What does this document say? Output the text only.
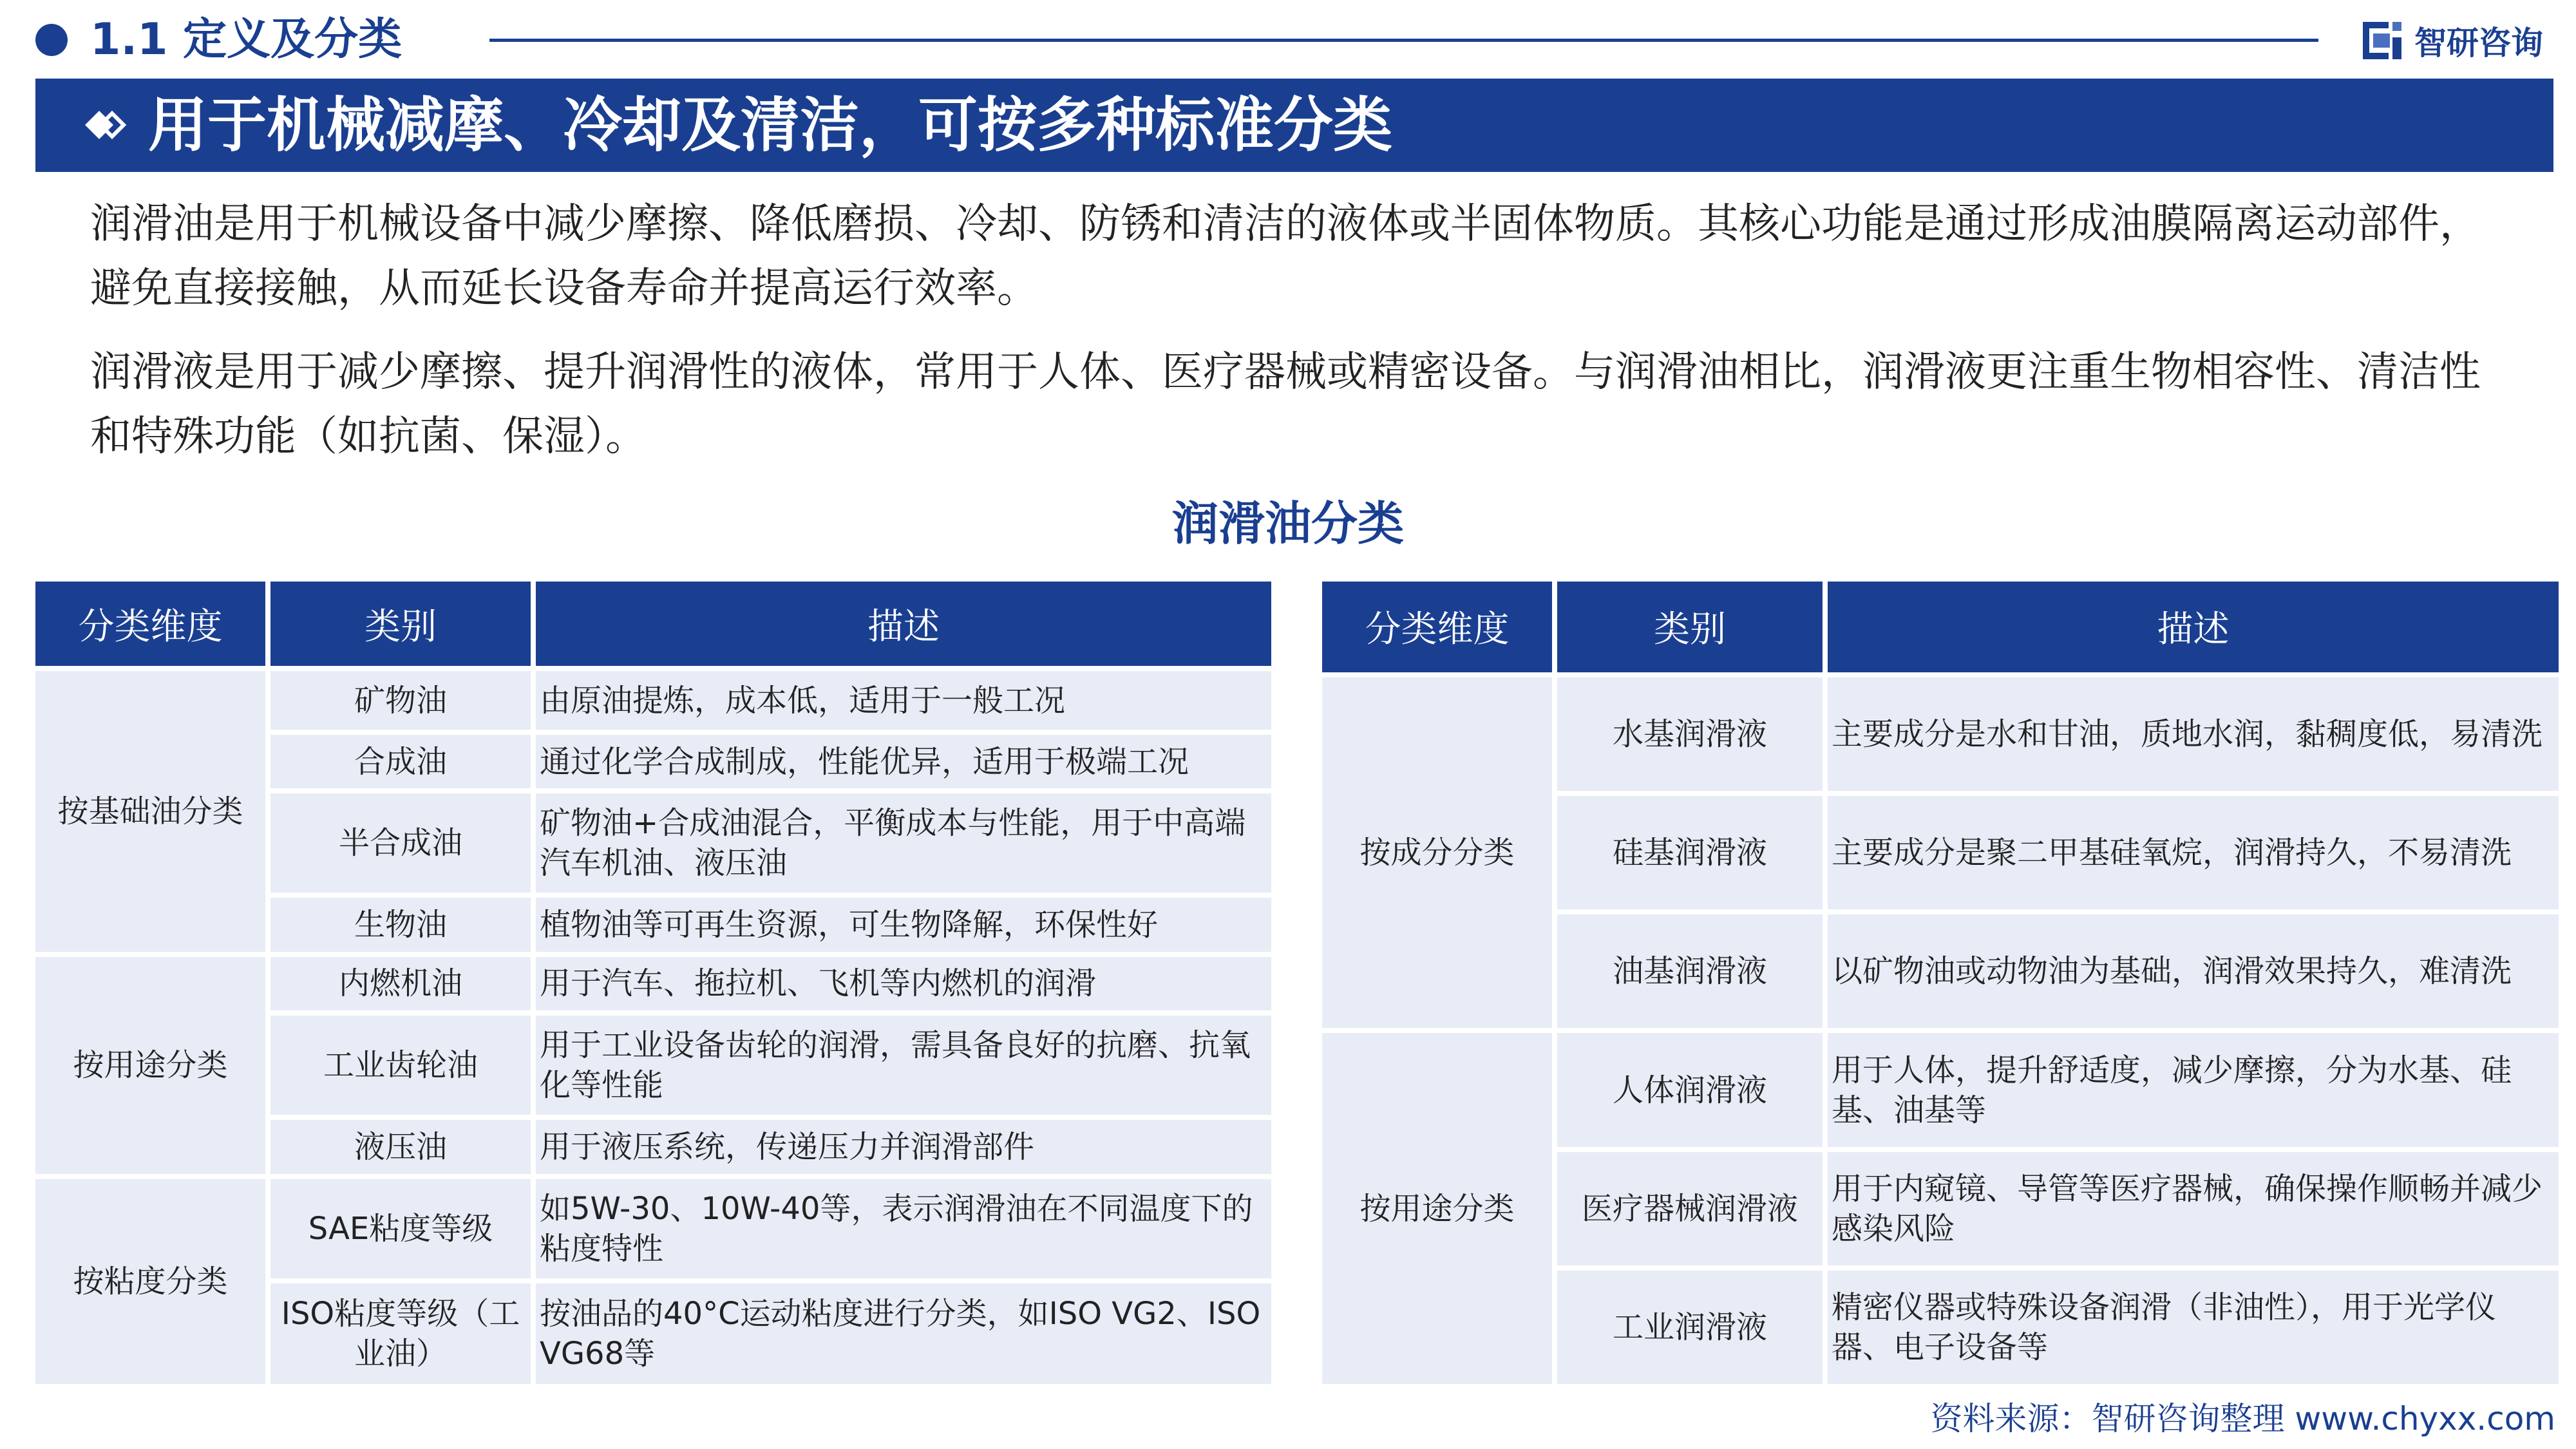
1.1 定义及分类	智研咨询
用于机械减摩、冷却及清洁，可按多种标准分类
润滑油是用于机械设备中减少摩擦、降低磨损、冷却、防锈和清洁的液体或半固体物质。其核心功能是通过形成油膜隔离运动部件，避免直接接触，从而延长设备寿命并提高运行效率。
润滑液是用于减少摩擦、提升润滑性的液体，常用于人体、医疗器械或精密设备。与润滑油相比，润滑液更注重生物相容性、清洁性和特殊功能（如抗菌、保湿）。
润滑油分类
分类维度	类别	描述
按基础油分类	矿物油	由原油提炼，成本低，适用于一般工况
	合成油	通过化学合成制成，性能优异，适用于极端工况
	半合成油	矿物油+合成油混合，平衡成本与性能，用于中高端汽车机油、液压油
	生物油	植物油等可再生资源，可生物降解，环保性好
按用途分类	内燃机油	用于汽车、拖拉机、飞机等内燃机的润滑
	工业齿轮油	用于工业设备齿轮的润滑，需具备良好的抗磨、抗氧化等性能
	液压油	用于液压系统，传递压力并润滑部件
按粘度分类	SAE粘度等级	如5W-30、10W-40等，表示润滑油在不同温度下的粘度特性
	ISO粘度等级（工业油）	按油品的40°C运动粘度进行分类，如ISO VG2、ISO VG68等
分类维度	类别	描述
按成分分类	水基润滑液	主要成分是水和甘油，质地水润，黏稠度低，易清洗
	硅基润滑液	主要成分是聚二甲基硅氧烷，润滑持久，不易清洗
	油基润滑液	以矿物油或动物油为基础，润滑效果持久，难清洗
按用途分类	人体润滑液	用于人体，提升舒适度，减少摩擦，分为水基、硅基、油基等
	医疗器械润滑液	用于内窥镜、导管等医疗器械，确保操作顺畅并减少感染风险
	工业润滑液	精密仪器或特殊设备润滑（非油性），用于光学仪器、电子设备等
资料来源：智研咨询整理 www.chyxx.com
